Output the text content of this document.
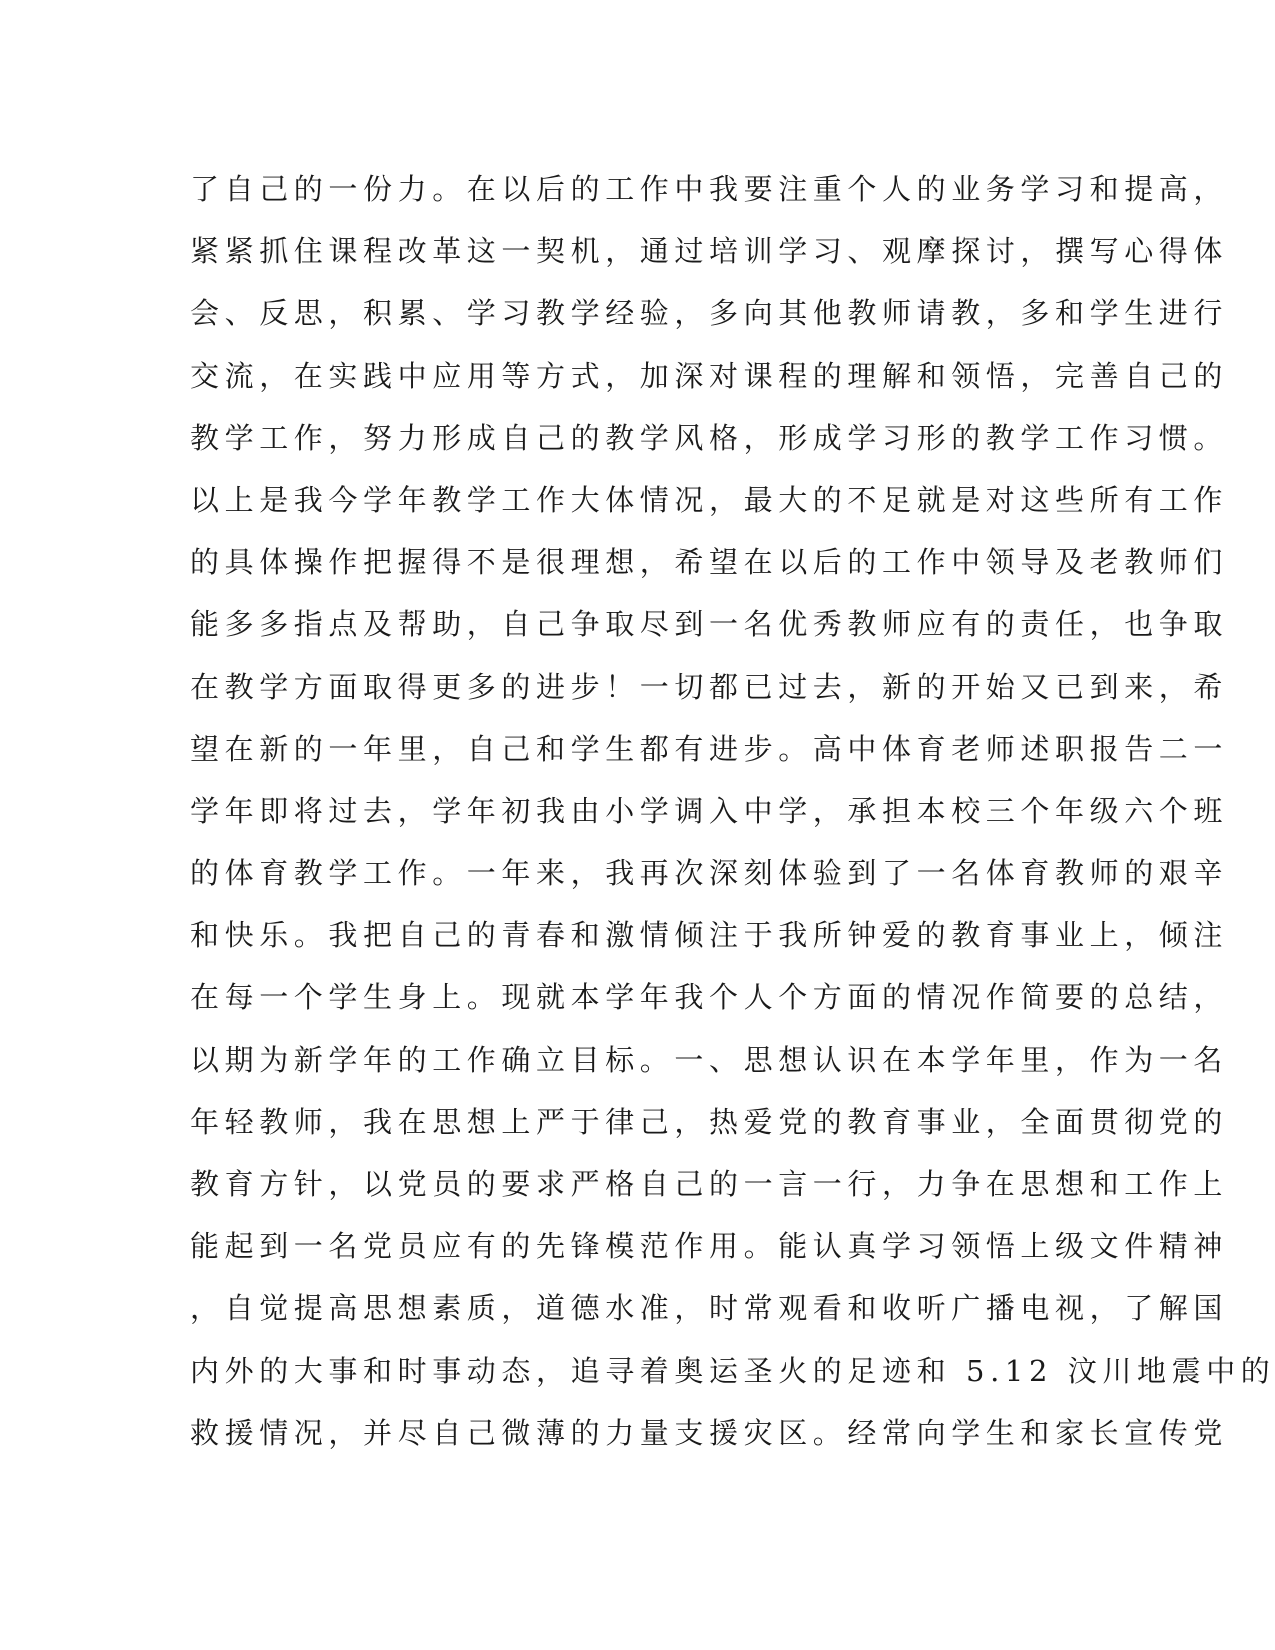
了自己的一份力。在以后的工作中我要注重个人的业务学习和提高，
紧紧抓住课程改革这一契机，通过培训学习、观摩探讨，撰写心得体
会、反思，积累、学习教学经验，多向其他教师请教，多和学生进行
交流，在实践中应用等方式，加深对课程的理解和领悟，完善自己的
教学工作，努力形成自己的教学风格，形成学习形的教学工作习惯。
以上是我今学年教学工作大体情况，最大的不足就是对这些所有工作
的具体操作把握得不是很理想，希望在以后的工作中领导及老教师们
能多多指点及帮助，自己争取尽到一名优秀教师应有的责任，也争取
在教学方面取得更多的进步！一切都已过去，新的开始又已到来，希
望在新的一年里，自己和学生都有进步。高中体育老师述职报告二一
学年即将过去，学年初我由小学调入中学，承担本校三个年级六个班
的体育教学工作。一年来，我再次深刻体验到了一名体育教师的艰辛
和快乐。我把自己的青春和激情倾注于我所钟爱的教育事业上，倾注
在每一个学生身上。现就本学年我个人个方面的情况作简要的总结，
以期为新学年的工作确立目标。一、思想认识在本学年里，作为一名
年轻教师，我在思想上严于律己，热爱党的教育事业，全面贯彻党的
教育方针，以党员的要求严格自己的一言一行，力争在思想和工作上
能起到一名党员应有的先锋模范作用。能认真学习领悟上级文件精神
，自觉提高思想素质，道德水准，时常观看和收听广播电视，了解国
内外的大事和时事动态，追寻着奥运圣火的足迹和 5.12 汶川地震中的
救援情况，并尽自己微薄的力量支援灾区。经常向学生和家长宣传党
